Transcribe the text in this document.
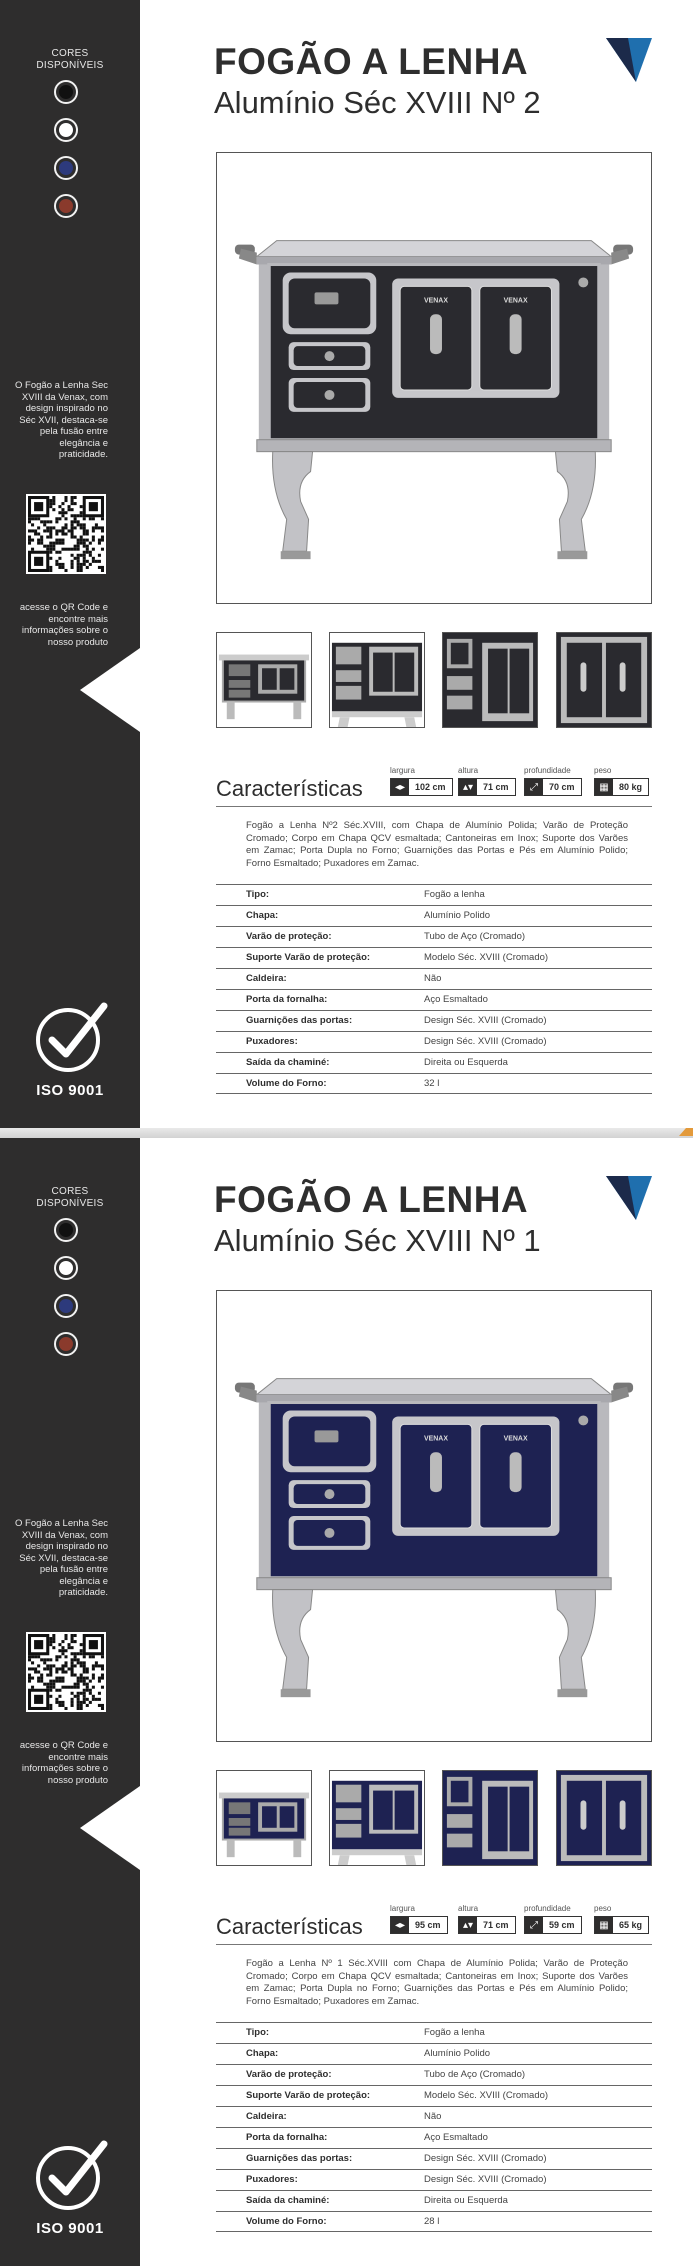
CORES
DISPONÍVEIS
O Fogão a Lenha Sec XVIII da Venax, com design inspirado no Séc XVII, destaca-se pela fusão entre elegância e praticidade.
acesse o QR Code e encontre mais informações sobre o nosso produto
ISO 9001
FOGÃO A LENHA
Alumínio Séc XVIII Nº 2
VENAX	VENAX
Características
largura
◂▸	102 cm
altura
▴▾	71 cm
profundidade
⤢	70 cm
peso
▦	80 kg
Fogão a Lenha Nº2 Séc.XVIII, com Chapa de Alumínio Polida; Varão de Proteção Cromado; Corpo em Chapa QCV esmaltada; Cantoneiras em Inox; Suporte dos Varões em Zamac; Porta Dupla no Forno; Guarnições das Portas e Pés em Alumínio Polido; Forno Esmaltado; Puxadores em Zamac.
Tipo:	Fogão a lenha
Chapa:	Alumínio Polido
Varão de proteção:	Tubo de Aço (Cromado)
Suporte Varão de proteção:	Modelo Séc. XVIII (Cromado)
Caldeira:	Não
Porta da fornalha:	Aço Esmaltado
Guarnições das portas:	Design Séc. XVIII (Cromado)
Puxadores:	Design Séc. XVIII (Cromado)
Saída da chaminé:	Direita ou Esquerda
Volume do Forno:	32 l
CORES
DISPONÍVEIS
O Fogão a Lenha Sec XVIII da Venax, com design inspirado no Séc XVII, destaca-se pela fusão entre elegância e praticidade.
acesse o QR Code e encontre mais informações sobre o nosso produto
ISO 9001
FOGÃO A LENHA
Alumínio Séc XVIII Nº 1
VENAX	VENAX
Características
largura
◂▸	95 cm
altura
▴▾	71 cm
profundidade
⤢	59 cm
peso
▦	65 kg
Fogão a Lenha Nº 1 Séc.XVIII com Chapa de Alumínio Polida; Varão de Proteção Cromado; Corpo em Chapa QCV esmaltada; Cantoneiras em Inox; Suporte dos Varões em Zamac; Porta Dupla no Forno; Guarnições das Portas e Pés em Alumínio Polido; Forno Esmaltado; Puxadores em Zamac.
Tipo:	Fogão a lenha
Chapa:	Alumínio Polido
Varão de proteção:	Tubo de Aço (Cromado)
Suporte Varão de proteção:	Modelo Séc. XVIII (Cromado)
Caldeira:	Não
Porta da fornalha:	Aço Esmaltado
Guarnições das portas:	Design Séc. XVIII (Cromado)
Puxadores:	Design Séc. XVIII (Cromado)
Saída da chaminé:	Direita ou Esquerda
Volume do Forno:	28 l
